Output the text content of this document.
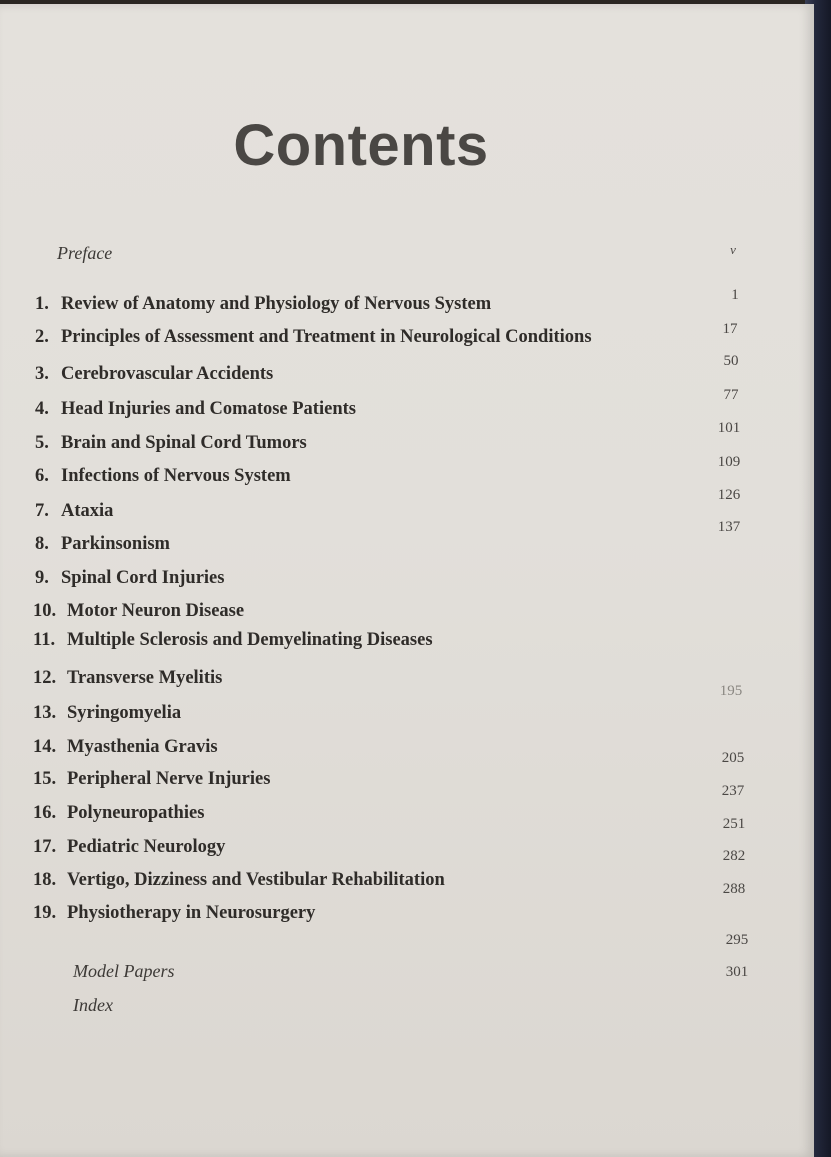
Contents
Preface	v
1. Review of Anatomy and Physiology of Nervous System
2. Principles of Assessment and Treatment in Neurological Conditions
3. Cerebrovascular Accidents
4. Head Injuries and Comatose Patients
5. Brain and Spinal Cord Tumors
6. Infections of Nervous System
7. Ataxia
8. Parkinsonism
9. Spinal Cord Injuries
10. Motor Neuron Disease
11. Multiple Sclerosis and Demyelinating Diseases
12. Transverse Myelitis
13. Syringomyelia
14. Myasthenia Gravis
15. Peripheral Nerve Injuries
16. Polyneuropathies
17. Pediatric Neurology
18. Vertigo, Dizziness and Vestibular Rehabilitation
19. Physiotherapy in Neurosurgery
Model Papers
Index
1
17
50
77
101
109
126
137
195
205
237
251
282
288
295
301
